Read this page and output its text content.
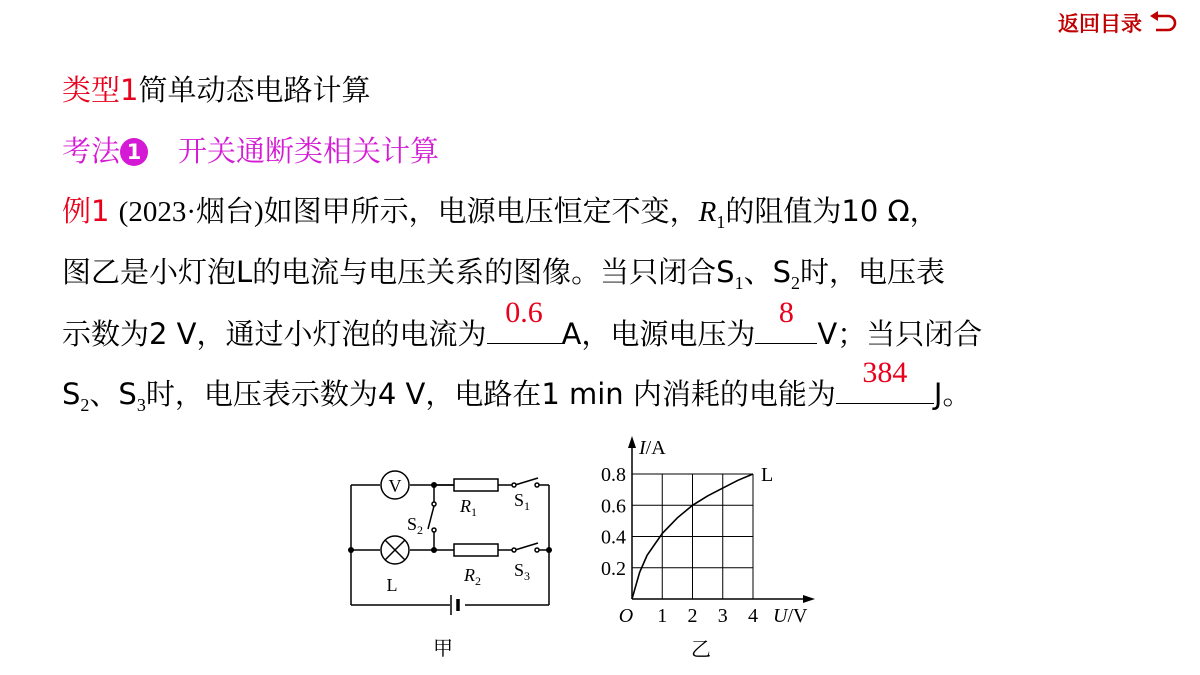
返回目录
类型1简单动态电路计算
考法 1 开关通断类相关计算
例1 (2023·烟台)如图甲所示，电源电压恒定不变，$R_1$的阻值为10 Ω，
图乙是小灯泡L的电流与电压关系的图像。当只闭合$S_1$、$S_2$时，电压表
示数为2 V，通过小灯泡的电流为
0.6
A，电源电压为
8
V；当只闭合
$S_2$、$S_3$时，电压表示数为4 V，电路在1 min 内消耗的电能为
384
J。
V
L
$R_1$
$R_2$
$S_1$
$S_2$
$S_3$
甲
I/A
U/V
O
乙
1 2 3 4
0.2
0.4
0.6
0.8	L
